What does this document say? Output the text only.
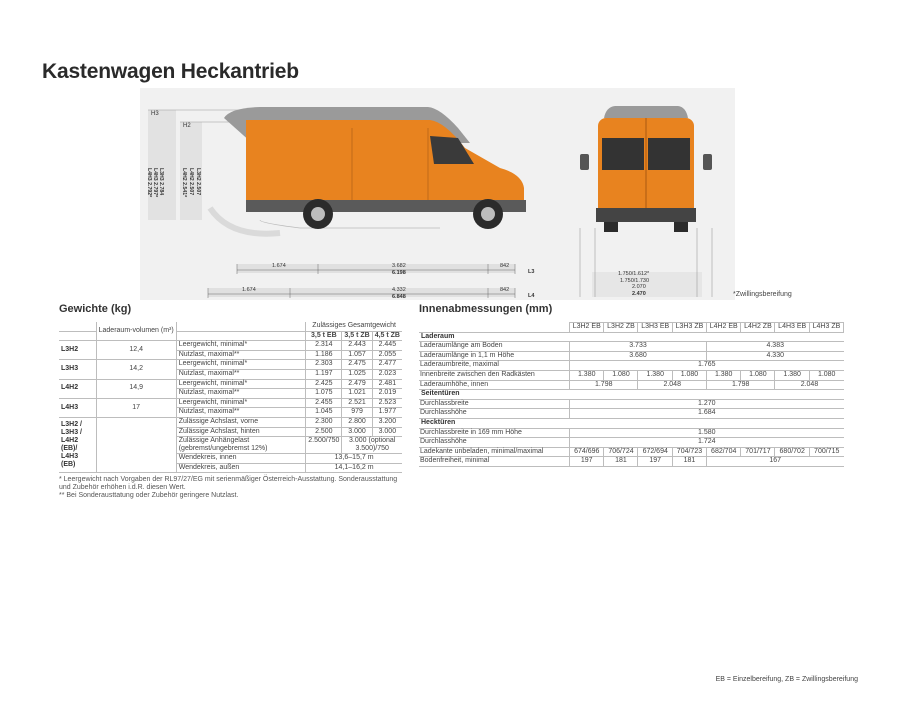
Kastenwagen Heckantrieb
H3
H2
L3H3 2.784
L4H3 2.797*
L4H3 2.792*	L3H2 2.507
L4H2 2.507
L4H2 2.541*
1.674	3.682	842
6.198	L3
1.674	4.332	842
6.848	L4
1.750/1.612*
1.750/1.730
2.070
2.470	*Zwillingsbereifung
Gewichte (kg)
	Laderaum-volumen (m³)		Zulässiges Gesamtgewicht		
			3,5 t EB	3,5 t ZB	4,5 t ZB
L3H2	12,4	Leergewicht, minimal*	2.314	2.443	2.445
		Nutzlast, maximal**	1.186	1.057	2.055
L3H3	14,2	Leergewicht, minimal*	2.303	2.475	2.477
		Nutzlast, maximal**	1.197	1.025	2.023
L4H2	14,9	Leergewicht, minimal*	2.425	2.479	2.481
		Nutzlast, maximal**	1.075	1.021	2.019
L4H3	17	Leergewicht, minimal*	2.455	2.521	2.523
		Nutzlast, maximal**	1.045	979	1.977
L3H2 / L3H3 / L4H2 (EB)/ L4H3 (EB)		Zulässige Achslast, vorne	2.300	2.800	3.200
		Zulässige Achslast, hinten	2.500	3.000	3.000
		Zulässige Anhängelast (gebremst/ungebremst 12%)	2.500/750	3.000 (optional 3.500)/750	
		Wendekreis, innen	13,6–15,7 m		
		Wendekreis, außen	14,1–16,2 m		
* Leergewicht nach Vorgaben der RL97/27/EG mit serienmäßiger Österreich-Ausstattung. Sonderausstattung und Zubehör erhöhen i.d.R. diesen Wert.
** Bei Sonderausttatung oder Zubehör geringere Nutzlast.
Innenabmessungen (mm)
	L3H2 EB	L3H2 ZB	L3H3 EB	L3H3 ZB	L4H2 EB	L4H2 ZB	L4H3 EB	L4H3 ZB
Laderaum								
Laderaumlänge am Boden	3.733				4.383			
Laderaumlänge in 1,1 m Höhe	3.680				4.330			
Laderaumbreite, maximal	1.765							
Innenbreite zwischen den Radkästen	1.380	1.080	1.380	1.080	1.380	1.080	1.380	1.080
Laderaumhöhe, innen	1.798		2.048		1.798		2.048	
Seitentüren								
Durchlassbreite	1.270							
Durchlasshöhe	1.684							
Hecktüren								
Durchlassbreite in 169 mm Höhe	1.580							
Durchlasshöhe	1.724							
Ladekante unbeladen, minimal/maximal	674/696	706/724	672/694	704/723	682/704	701/717	680/702	700/715
Bodenfreiheit, minimal	197	181	197	181	167			
EB = Einzelbereifung, ZB = Zwillingsbereifung
